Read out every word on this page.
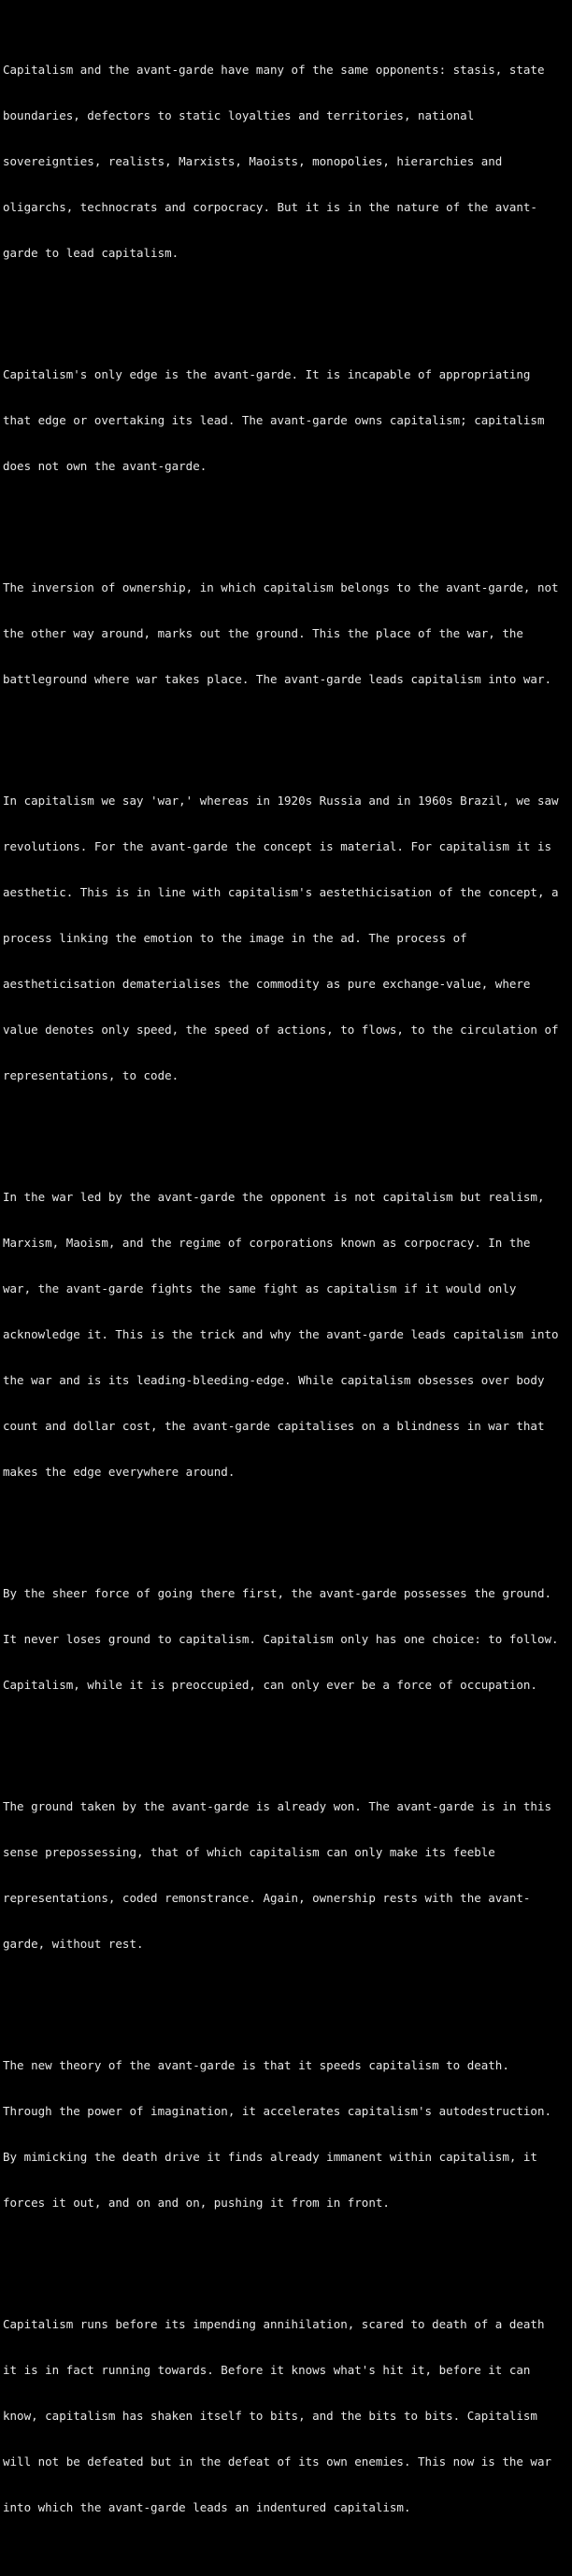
Capitalism and the avant-garde have many of the same opponents: stasis, state

boundaries, defectors to static loyalties and territories, national

sovereignties, realists, Marxists, Maoists, monopolies, hierarchies and

oligarchs, technocrats and corpocracy. But it is in the nature of the avant-

garde to lead capitalism.

Capitalism's only edge is the avant-garde. It is incapable of appropriating

that edge or overtaking its lead. The avant-garde owns capitalism; capitalism

does not own the avant-garde.

The inversion of ownership, in which capitalism belongs to the avant-garde, not

the other way around, marks out the ground. This the place of the war, the

battleground where war takes place. The avant-garde leads capitalism into war.

In capitalism we say 'war,' whereas in 1920s Russia and in 1960s Brazil, we saw

revolutions. For the avant-garde the concept is material. For capitalism it is

aesthetic. This is in line with capitalism's aestethicisation of the concept, a

process linking the emotion to the image in the ad. The process of

aestheticisation dematerialises the commodity as pure exchange-value, where

value denotes only speed, the speed of actions, to flows, to the circulation of

representations, to code.

In the war led by the avant-garde the opponent is not capitalism but realism,

Marxism, Maoism, and the regime of corporations known as corpocracy. In the

war, the avant-garde fights the same fight as capitalism if it would only

acknowledge it. This is the trick and why the avant-garde leads capitalism into

the war and is its leading-bleeding-edge. While capitalism obsesses over body

count and dollar cost, the avant-garde capitalises on a blindness in war that

makes the edge everywhere around.

By the sheer force of going there first, the avant-garde possesses the ground.

It never loses ground to capitalism. Capitalism only has one choice: to follow.

Capitalism, while it is preoccupied, can only ever be a force of occupation.

The ground taken by the avant-garde is already won. The avant-garde is in this

sense prepossessing, that of which capitalism can only make its feeble

representations, coded remonstrance. Again, ownership rests with the avant-

garde, without rest.

The new theory of the avant-garde is that it speeds capitalism to death.

Through the power of imagination, it accelerates capitalism's autodestruction.

By mimicking the death drive it finds already immanent within capitalism, it

forces it out, and on and on, pushing it from in front.

Capitalism runs before its impending annihilation, scared to death of a death

it is in fact running towards. Before it knows what's hit it, before it can

know, capitalism has shaken itself to bits, and the bits to bits. Capitalism

will not be defeated but in the defeat of its own enemies. This now is the war

into which the avant-garde leads an indentured capitalism.
